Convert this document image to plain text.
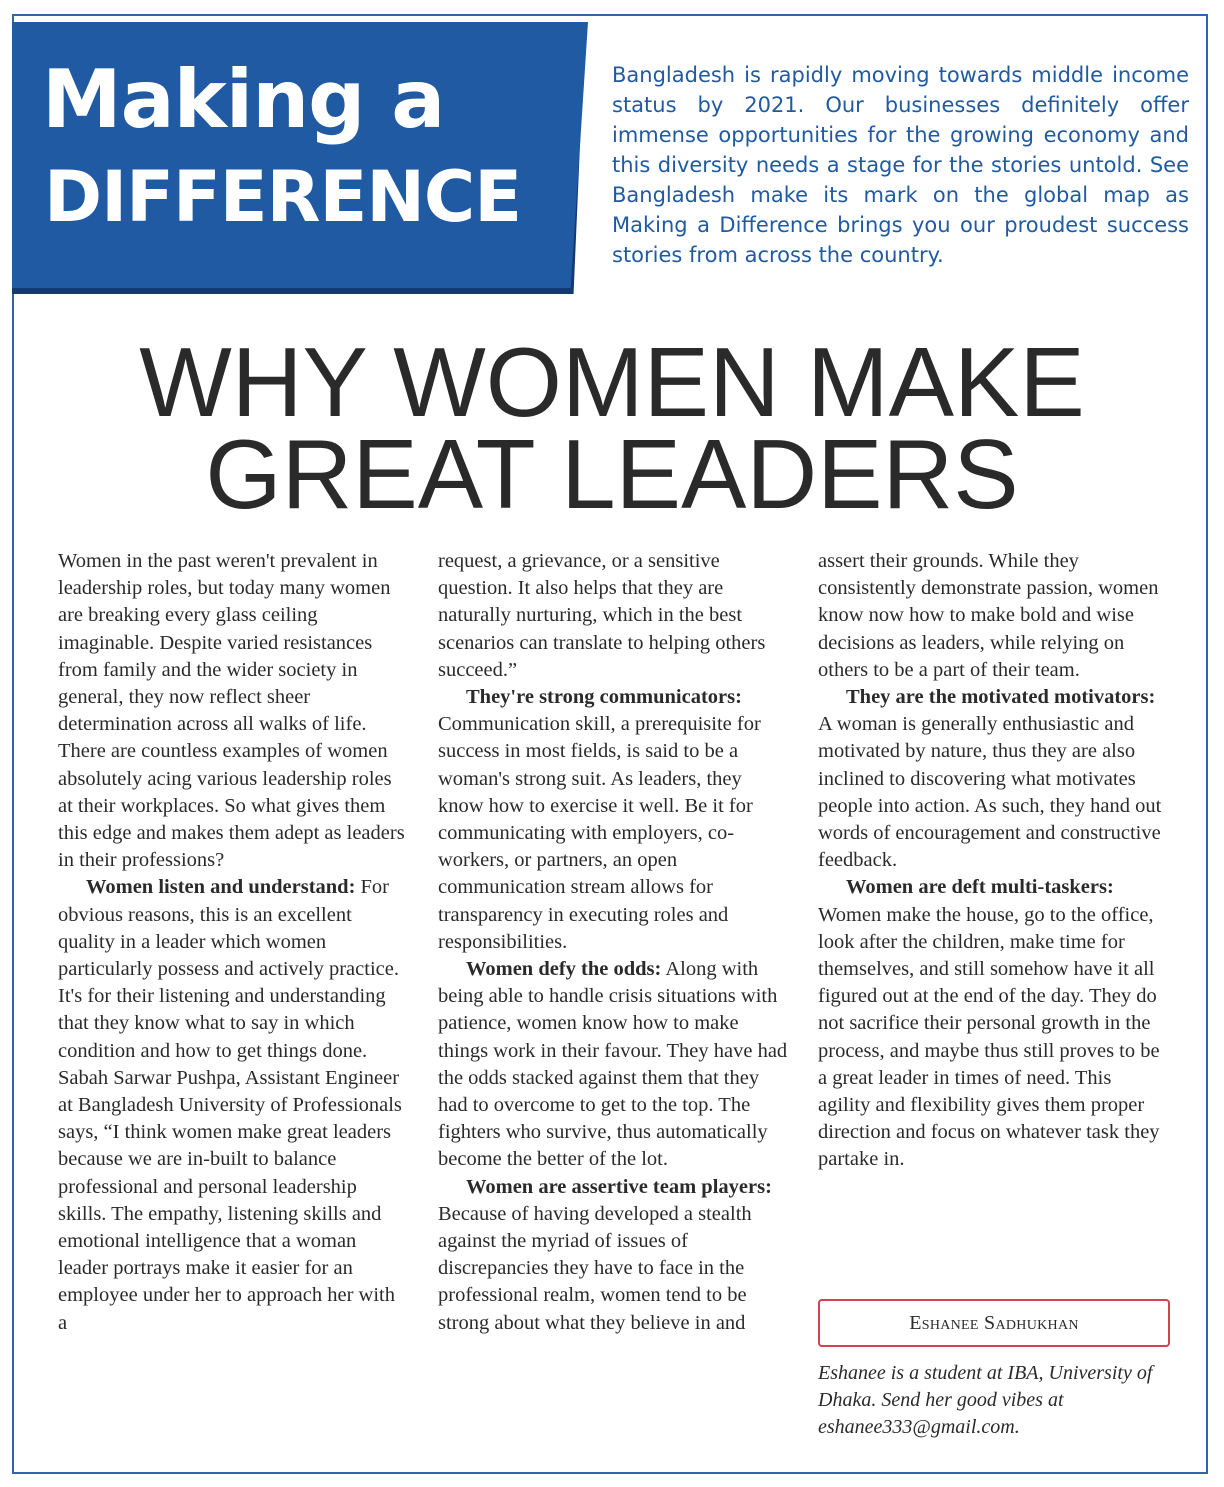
Making a
DIFFERENCE
Bangladesh is rapidly moving towards middle income status by 2021. Our businesses definitely offer immense opportunities for the growing economy and this diversity needs a stage for the stories untold. See Bangladesh make its mark on the global map as Making a Difference brings you our proudest success stories from across the country.
WHY WOMEN MAKE
GREAT LEADERS

Women in the past weren't prevalent in leadership roles, but today many women are breaking every glass ceiling imaginable. Despite varied resistances from family and the wider society in general, they now reflect sheer determination across all walks of life. There are countless examples of women absolutely acing various leadership roles at their workplaces. So what gives them this edge and makes them adept as leaders in their professions?

Women listen and understand: For obvious reasons, this is an excellent quality in a leader which women particularly possess and actively practice. It's for their listening and understanding that they know what to say in which condition and how to get things done. Sabah Sarwar Pushpa, Assistant Engineer at Bangladesh University of Professionals says, “I think women make great leaders because we are in-built to balance professional and personal leadership skills. The empathy, listening skills and emotional intelligence that a woman leader portrays make it easier for an employee under her to approach her with a

request, a grievance, or a sensitive question. It also helps that they are naturally nurturing, which in the best scenarios can translate to helping others succeed.”

They're strong communicators: Communication skill, a prerequisite for success in most fields, is said to be a woman's strong suit. As leaders, they know how to exercise it well. Be it for communicating with employers, co-workers, or partners, an open communication stream allows for transparency in executing roles and responsibilities.

Women defy the odds: Along with being able to handle crisis situations with patience, women know how to make things work in their favour. They have had the odds stacked against them that they had to overcome to get to the top. The fighters who survive, thus automatically become the better of the lot.

Women are assertive team players: Because of having developed a stealth against the myriad of issues of discrepancies they have to face in the professional realm, women tend to be strong about what they believe in and

assert their grounds. While they consistently demonstrate passion, women know now how to make bold and wise decisions as leaders, while relying on others to be a part of their team.

They are the motivated motivators: A woman is generally enthusiastic and motivated by nature, thus they are also inclined to discovering what motivates people into action. As such, they hand out words of encouragement and constructive feedback.

Women are deft multi-taskers: Women make the house, go to the office, look after the children, make time for themselves, and still somehow have it all figured out at the end of the day. They do not sacrifice their personal growth in the process, and maybe thus still proves to be a great leader in times of need. This agility and flexibility gives them proper direction and focus on whatever task they partake in.

Eshanee Sadhukhan
Eshanee is a student at IBA, University of Dhaka. Send her good vibes at eshanee333@gmail.com.
